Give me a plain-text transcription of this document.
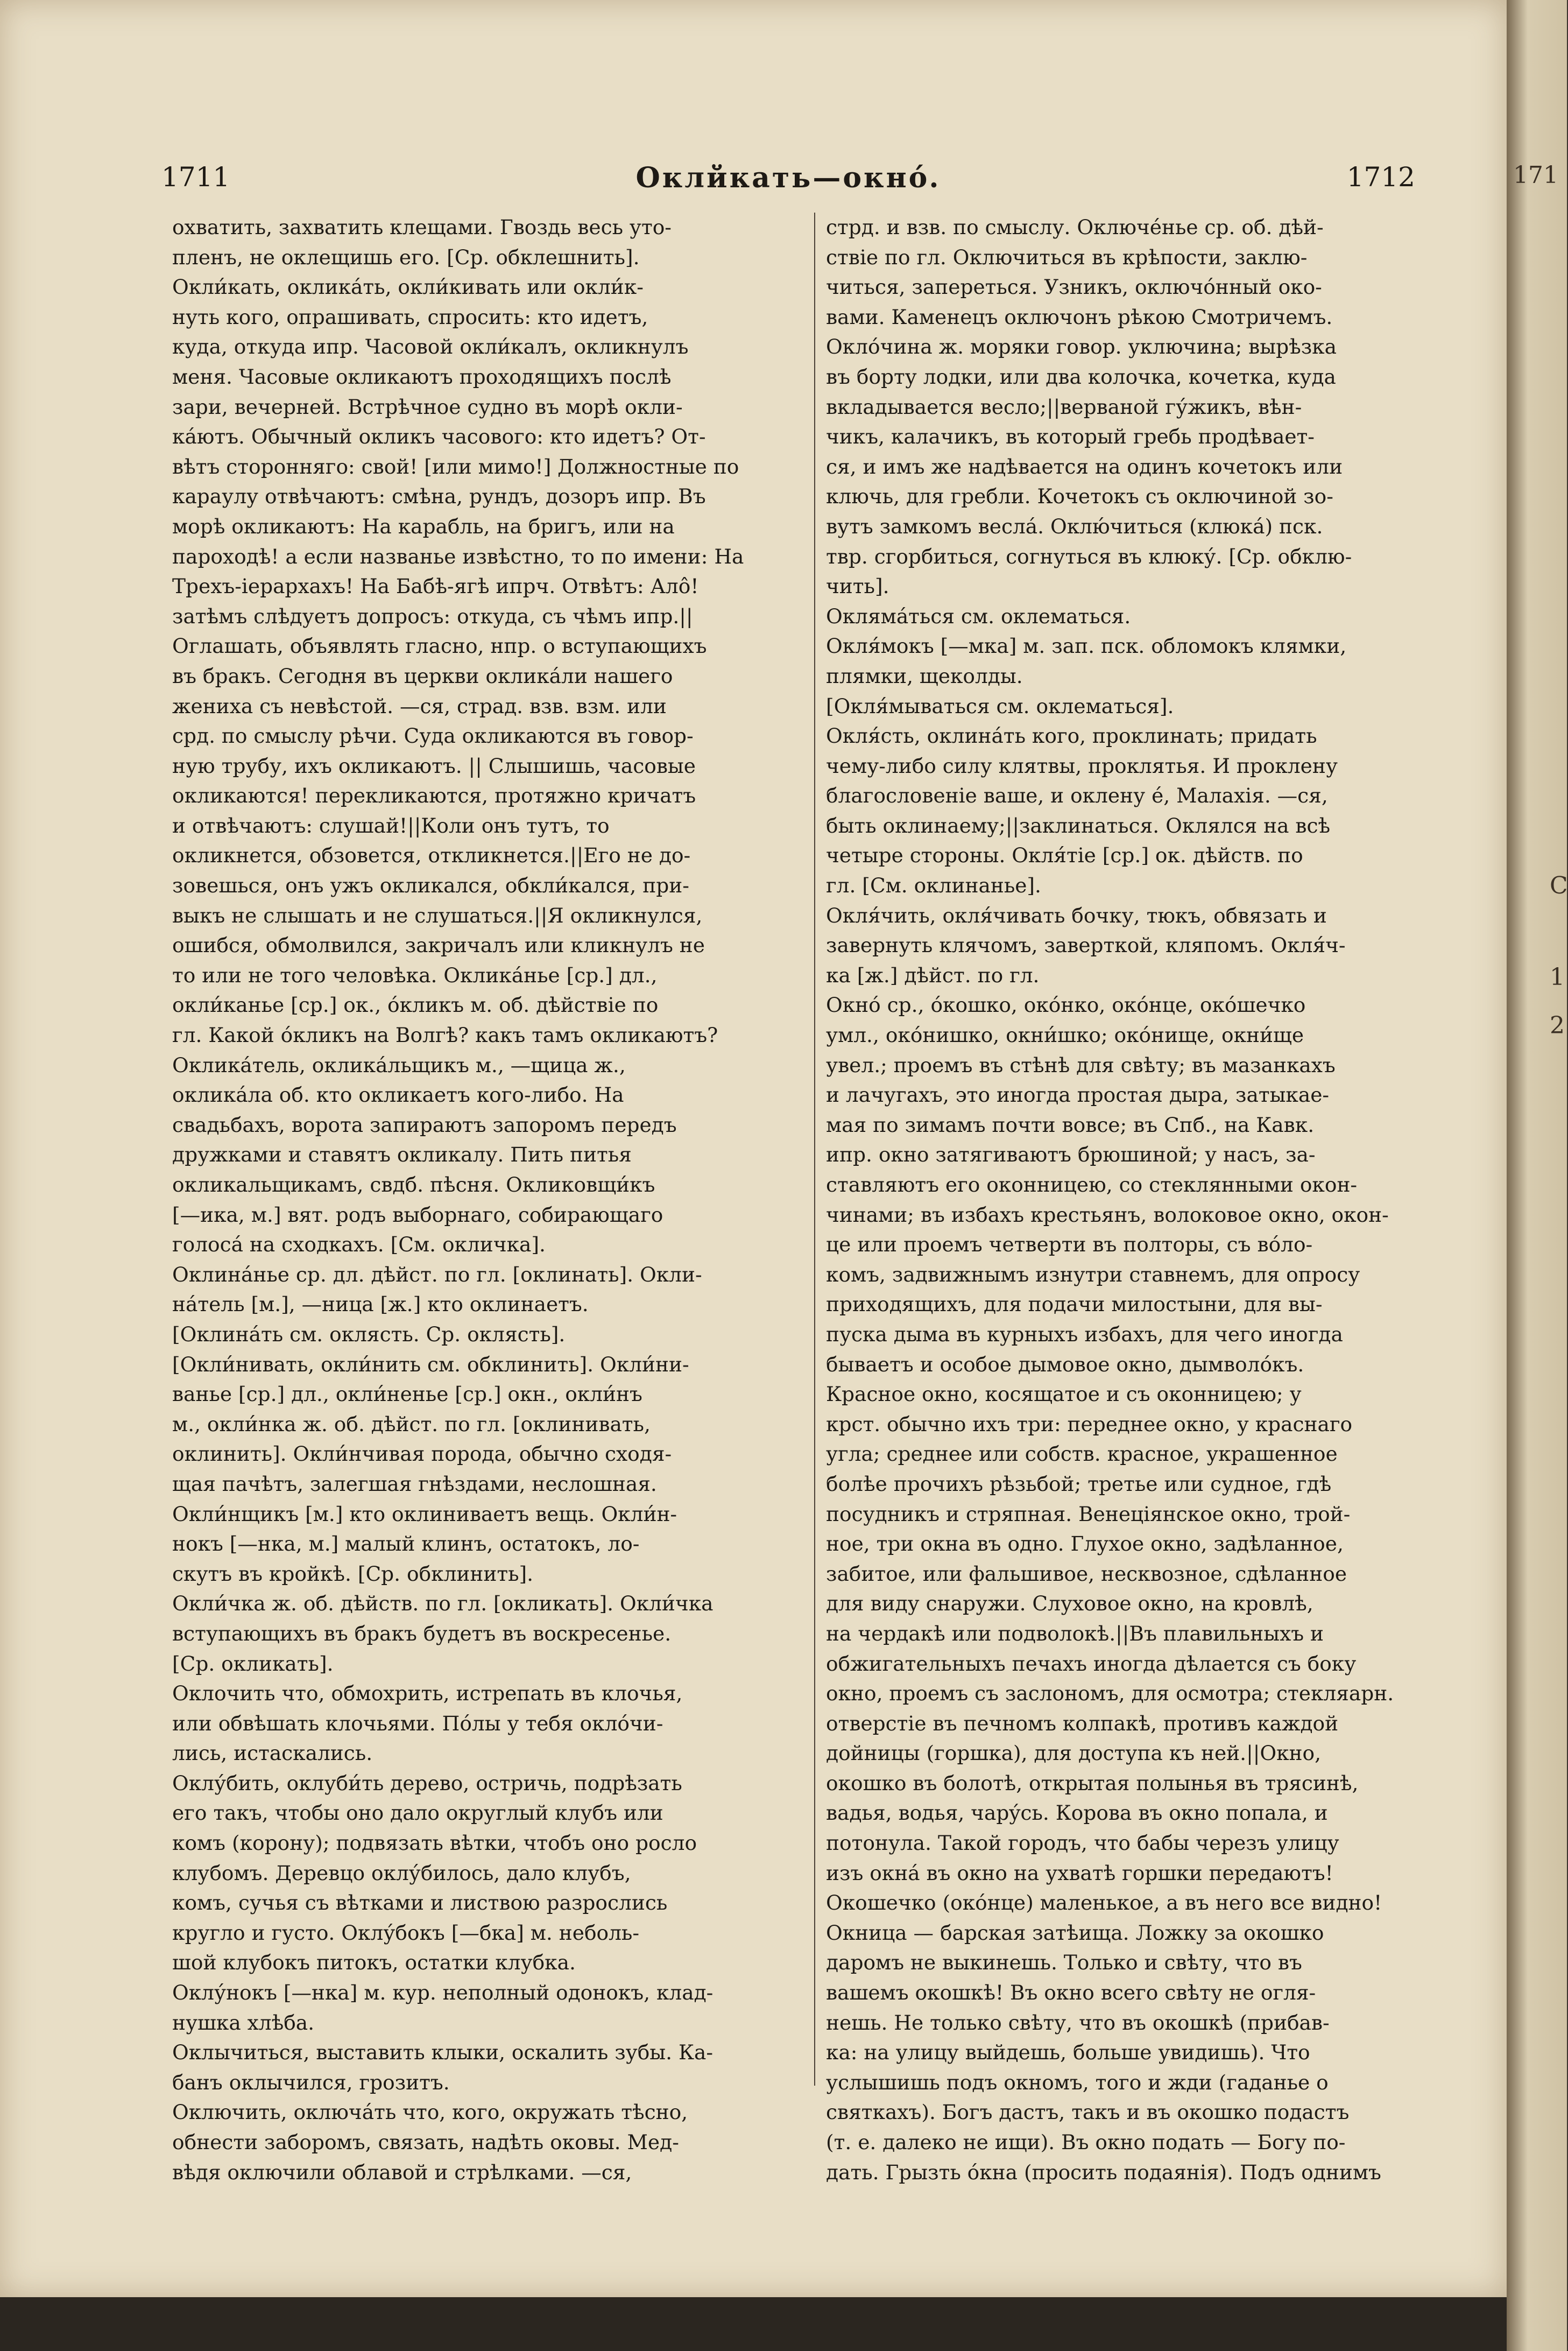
1711	Оклйкать—окнó.	1712
охватить, захватить клещами. Гвоздь весь уто-
пленъ, не оклещишь его. [Ср. обклешнить].
Окли́кать, окликáть, окли́кивать или окли́к-
нуть кого, опрашивать, спросить: кто идетъ,
куда, откуда ипр. Часовой окли́калъ, окликнулъ
меня. Часовые окликаютъ проходящихъ послѣ
зари, вечерней. Встрѣчное судно въ морѣ окли-
кáютъ. Обычный окликъ часового: кто идетъ? От-
вѣтъ сторонняго: свой! [или мимо!] Должностные по
караулу отвѣчаютъ: смѣна, рундъ, дозоръ ипр. Въ
морѣ окликаютъ: На карабль, на бригъ, или на
пароходѣ! а если названье извѣстно, то по имени: На
Трехъ-іерархахъ! На Бабѣ-ягѣ ипрч. Отвѣтъ: Алô!
затѣмъ слѣдуетъ допросъ: откуда, съ чѣмъ ипр.||
Оглашать, объявлять гласно, нпр. о вступающихъ
въ бракъ. Сегодня въ церкви окликáли нашего
жениха съ невѣстой. —ся, страд. взв. взм. или
срд. по смыслу рѣчи. Суда окликаются въ говор-
ную трубу, ихъ окликаютъ. || Слышишь, часовые
окликаются! перекликаются, протяжно кричатъ
и отвѣчаютъ: слушай!||Коли онъ тутъ, то
окликнется, обзовется, откликнется.||Его не до-
зовешься, онъ ужъ окликался, обкли́кался, при-
выкъ не слышать и не слушаться.||Я окликнулся,
ошибся, обмолвился, закричалъ или кликнулъ не
то или не того человѣка. Окликáнье [ср.] дл.,
окли́канье [ср.] ок., óкликъ м. об. дѣйствіе по
гл. Какой óкликъ на Волгѣ? какъ тамъ окликаютъ?
Окликáтель, окликáльщикъ м., —щица ж.,
окликáла об. кто окликаетъ кого-либо. На
свадьбахъ, ворота запираютъ запоромъ передъ
дружками и ставятъ окликалу. Пить питья
окликальщикамъ, свдб. пѣсня. Окликовщи́къ
[—ика, м.] вят. родъ выборнаго, собирающаго
голосá на сходкахъ. [См. окличка].
Оклинáнье ср. дл. дѣйст. по гл. [оклинать]. Окли-
нáтель [м.], —ница [ж.] кто оклинаетъ.
[Оклинáть см. оклясть. Ср. оклясть].
[Окли́нивать, окли́нить см. обклинить]. Окли́ни-
ванье [ср.] дл., окли́ненье [ср.] окн., окли́нъ
м., окли́нка ж. об. дѣйст. по гл. [оклинивать,
оклинить]. Окли́нчивая порода, обычно сходя-
щая пачѣтъ, залегшая гнѣздами, неслошная.
Окли́нщикъ [м.] кто оклиниваетъ вещь. Окли́н-
нокъ [—нка, м.] малый клинъ, остатокъ, ло-
скутъ въ кройкѣ. [Ср. обклинить].
Окли́чка ж. об. дѣйств. по гл. [окликать]. Окли́чка
вступающихъ въ бракъ будетъ въ воскресенье.
[Ср. окликать].
Оклочить что, обмохрить, истрепать въ клочья,
или обвѣшать клочьями. Пóлы у тебя оклóчи-
лись, истаскались.
Оклу́бить, оклуби́ть дерево, остричь, подрѣзать
его такъ, чтобы оно дало округлый клубъ или
комъ (корону); подвязать вѣтки, чтобъ оно росло
клубомъ. Деревцо оклу́билось, дало клубъ,
комъ, сучья съ вѣтками и листвою разрослись
кругло и густо. Оклу́бокъ [—бка] м. неболь-
шой клубокъ питокъ, остатки клубка.
Оклу́нокъ [—нка] м. кур. неполный одонокъ, клад-
нушка хлѣба.
Оклычиться, выставить клыки, оскалить зубы. Ка-
банъ оклычился, грозитъ.
Оключить, оключáть что, кого, окружать тѣсно,
обнести заборомъ, связать, надѣть оковы. Мед-
вѣдя оключили облавой и стрѣлками. —ся,
стрд. и взв. по смыслу. Оключе́нье ср. об. дѣй-
ствіе по гл. Оключиться въ крѣпости, заклю-
читься, запереться. Узникъ, оключóнный око-
вами. Каменецъ оключонъ рѣкою Смотричемъ.
Окло́чина ж. моряки говор. уключина; вырѣзка
въ борту лодки, или два колочка, кочетка, куда
вкладывается весло;||верваной гу́жикъ, вѣн-
чикъ, калачикъ, въ который гребь продѣвает-
ся, и имъ же надѣвается на одинъ кочетокъ или
ключь, для гребли. Кочетокъ съ оключиной зо-
вутъ замкомъ веслá. Оклю́читься (клюкá) пск.
твр. сгорбиться, согнуться въ клюку́. [Ср. обклю-
чить].
Оклямáться см. оклематься.
Окля́мокъ [—мка] м. зап. пск. обломокъ клямки,
плямки, щеколды.
[Окля́мываться см. оклематься].
Окля́сть, оклинáть кого, проклинать; придать
чему-либо силу клятвы, проклятья. И проклену
благословеніе ваше, и оклену é, Малахія. —ся,
быть оклинаему;||заклинаться. Оклялся на всѣ
четыре стороны. Окля́тіе [ср.] ок. дѣйств. по
гл. [См. оклинанье].
Окля́чить, окля́чивать бочку, тюкъ, обвязать и
завернуть клячомъ, заверткой, кляпомъ. Окля́ч-
ка [ж.] дѣйст. по гл.
Окнó ср., óкошко, окóнко, окóнце, окóшечко
умл., окóнишко, окни́шко; окóнище, окни́ще
увел.; проемъ въ стѣнѣ для свѣту; въ мазанкахъ
и лачугахъ, это иногда простая дыра, затыкае-
мая по зимамъ почти вовсе; въ Спб., на Кавк.
ипр. окно затягиваютъ брюшиной; у насъ, за-
ставляютъ его оконницею, со стеклянными окон-
чинами; въ избахъ крестьянъ, волоковое окно, окон-
це или проемъ четверти въ полторы, съ вóло-
комъ, задвижнымъ изнутри ставнемъ, для опросу
приходящихъ, для подачи милостыни, для вы-
пуска дыма въ курныхъ избахъ, для чего иногда
бываетъ и особое дымовое окно, дымволóкъ.
Красное окно, косящатое и съ оконницею; у
крст. обычно ихъ три: переднее окно, у краснаго
угла; среднее или собств. красное, украшенное
болѣе прочихъ рѣзьбой; третье или судное, гдѣ
посудникъ и стряпная. Венеціянское окно, трой-
ное, три окна въ одно. Глухое окно, задѣланное,
забитое, или фальшивое, несквозное, сдѣланное
для виду снаружи. Слуховое окно, на кровлѣ,
на чердакѣ или подволокѣ.||Въ плавильныхъ и
обжигательныхъ печахъ иногда дѣлается съ боку
окно, проемъ съ заслономъ, для осмотра; стекляарн.
отверстіе въ печномъ колпакѣ, противъ каждой
дойницы (горшка), для доступа къ ней.||Окно,
окошко въ болотѣ, открытая полынья въ трясинѣ,
вадья, водья, чарýсь. Корова въ окно попала, и
потонула. Такой городъ, что бабы черезъ улицу
изъ окнá въ окно на ухватѣ горшки передаютъ!
Окошечко (окóнце) маленькое, а въ него все видно!
Окница — барская затѣища. Ложку за окошко
даромъ не выкинешь. Только и свѣту, что въ
вашемъ окошкѣ! Въ окно всего свѣту не огля-
нешь. Не только свѣту, что въ окошкѣ (прибав-
ка: на улицу выйдешь, больше увидишь). Что
услышишь подъ окномъ, того и жди (гаданье о
святкахъ). Богъ дастъ, такъ и въ окошко подастъ
(т. е. далеко не ищи). Въ окно подать — Богу по-
дать. Грызть óкна (просить подаянія). Подъ однимъ
171
С
1
2
